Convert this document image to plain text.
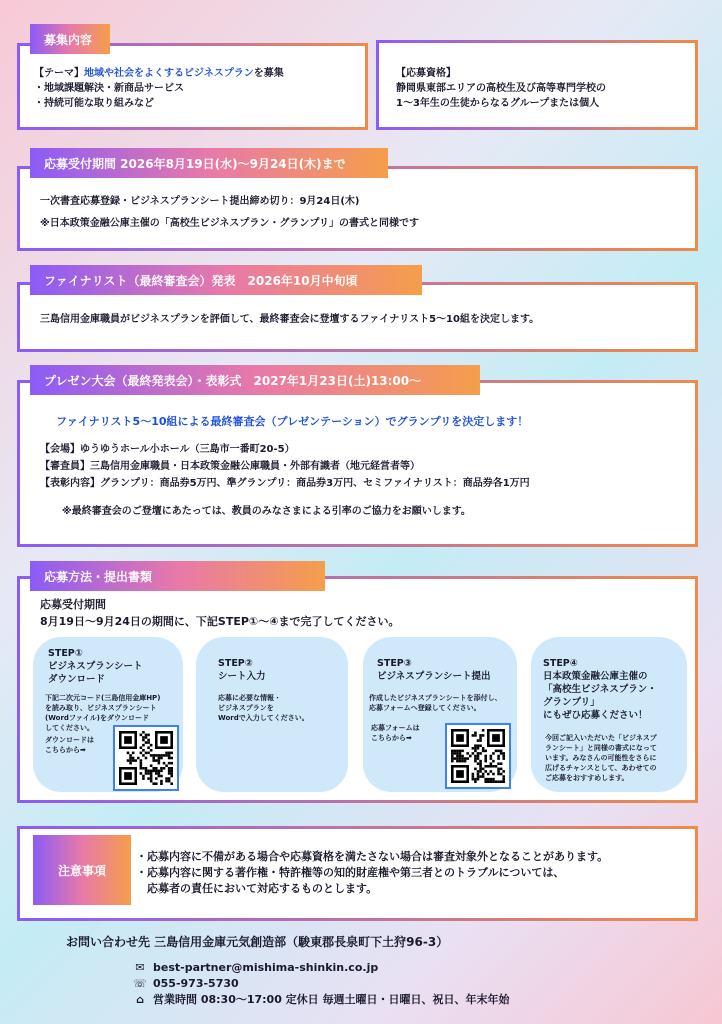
募集内容
【テーマ】地域や社会をよくするビジネスプランを募集
・地域課題解決・新商品サービス
・持続可能な取り組みなど
【応募資格】
静岡県東部エリアの高校生及び高等専門学校の
1〜3年生の生徒からなるグループまたは個人
応募受付期間 2026年8月19日(水)〜9月24日(木)まで
一次書査応募登録・ビジネスプランシート提出締め切り：9月24日(木)
※日本政策金融公庫主催の「高校生ビジネスプラン・グランプリ」の書式と同様です
ファイナリスト（最終審査会）発表　2026年10月中旬頃
三島信用金庫職員がビジネスプランを評価して、最終審査会に登壇するファイナリスト5〜10組を決定します。
プレゼン大会（最終発表会）・表彰式　2027年1月23日(土)13:00〜
ファイナリスト5〜10組による最終審査会（プレゼンテーション）でグランプリを決定します！
【会場】ゆうゆうホール小ホール（三島市一番町20-5）
【審査員】三島信用金庫職員・日本政策金融公庫職員・外部有識者（地元経営者等）
【表彰内容】グランプリ：商品券5万円、準グランプリ：商品券3万円、セミファイナリスト：商品券各1万円
※最終審査会のご登壇にあたっては、教員のみなさまによる引率のご協力をお願いします。
応募方法・提出書類
応募受付期間
8月19日〜9月24日の期間に、下記STEP①〜④まで完了してください。
STEP①
ビジネスプランシート
ダウンロード
下記二次元コード(三島信用金庫HP)
を読み取り、ビジネスプランシート
(Wordファイル)をダウンロード
してください。
ダウンロードは
こちらから➡
STEP②
シート入力
応募に必要な情報・
ビジネスプランを
Wordで入力してください。
STEP③
ビジネスプランシート提出
作成したビジネスプランシートを添付し、
応募フォームへ登録してください。
応募フォームは
こちらから➡
STEP④
日本政策金融公庫主催の
「高校生ビジネスプラン・
グランプリ」
にもぜひ応募ください！
今回ご記入いただいた「ビジネスプ
ランシート」と同様の書式になって
います。みなさんの可能性をさらに
広げるチャンスとして、あわせての
ご応募をおすすめします。
注意事項
・応募内容に不備がある場合や応募資格を満たさない場合は審査対象外となることがあります。
・応募内容に関する著作権・特許権等の知的財産権や第三者とのトラブルについては、
　応募者の責任において対応するものとします。
お問い合わせ先 三島信用金庫元気創造部（駿東郡長泉町下土狩96-3）
✉ best-partner@mishima-shinkin.co.jp
☏ 055-973-5730
⌂ 営業時間 08:30〜17:00 定休日 毎週土曜日・日曜日、祝日、年末年始
